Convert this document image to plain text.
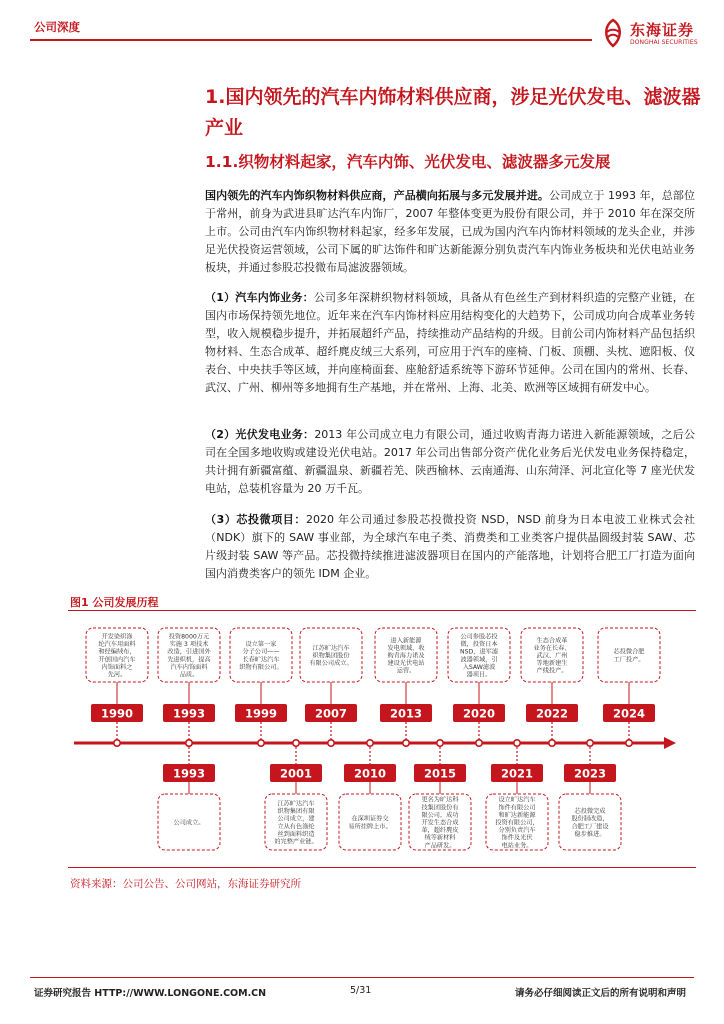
公司深度	东海证券
DONGHAI SECURITIES
1.国内领先的汽车内饰材料供应商，涉足光伏发电、滤波器产业
1.1.织物材料起家，汽车内饰、光伏发电、滤波器多元发展

国内领先的汽车内饰织物材料供应商，产品横向拓展与多元发展并进。公司成立于 1993 年，总部位于常州，前身为武进县旷达汽车内饰厂，2007 年整体变更为股份有限公司，并于 2010 年在深交所上市。公司由汽车内饰织物材料起家，经多年发展，已成为国内汽车内饰材料领域的龙头企业，并涉足光伏投资运营领域，公司下属的旷达饰件和旷达新能源分别负责汽车内饰业务板块和光伏电站业务板块，并通过参股芯投微布局滤波器领域。

（1）汽车内饰业务：公司多年深耕织物材料领域，具备从有色丝生产到材料织造的完整产业链，在国内市场保持领先地位。近年来在汽车内饰材料应用结构变化的大趋势下，公司成功向合成革业务转型，收入规模稳步提升，并拓展超纤产品，持续推动产品结构的升级。目前公司内饰材料产品包括织物材料、生态合成革、超纤麂皮绒三大系列，可应用于汽车的座椅、门板、顶棚、头枕、遮阳板、仪表台、中央扶手等区域，并向座椅面套、座舱舒适系统等下游环节延伸。公司在国内的常州、长春、武汉、广州、柳州等多地拥有生产基地，并在常州、上海、北美、欧洲等区域拥有研发中心。

（2）光伏发电业务：2013 年公司成立电力有限公司，通过收购青海力诺进入新能源领域，之后公司在全国多地收购或建设光伏电站。2017 年公司出售部分资产优化业务后光伏发电业务保持稳定，共计拥有新疆富蕴、新疆温泉、新疆若羌、陕西榆林、云南通海、山东菏泽、河北宣化等 7 座光伏发电站，总装机容量为 20 万千瓦。

（3）芯投微项目：2020 年公司通过参股芯投微投资 NSD，NSD 前身为日本电波工业株式会社（NDK）旗下的 SAW 事业部，为全球汽车电子类、消费类和工业类客户提供晶圆级封装 SAW、芯片级封装 SAW 等产品。芯投微持续推进滤波器项目在国内的产能落地，计划将合肥工厂打造为面向国内消费类客户的领先 IDM 企业。

图1 公司发展历程
1990
开发染织涤
纶汽车用面料
和经编绒布，
开创国内汽车
内饰面料之
先河。
1993
投资8000万元
实施 3 项技术
改造，引进国外
先进织机，提高
汽车内饰面料
品质。
1999
设立第一家
分子公司——
长春旷达汽车
织物有限公司。
2007
江苏旷达汽车
织物集团股份
有限公司成立。
2013
进入新能源
发电领域，收
购青海力诺及
建设光伏电站
运营。
2020
公司参股芯投
微，投资日本
NSD，进军滤
波器领域，引
入SAW滤波
器项目。
2022
生态合成革
业务在长春、
武汉、广州
等地新建生
产线投产。
2024
芯投微合肥
工厂投产。
1993
公司成立。
2001
江苏旷达汽车
织物集团有限
公司成立，建
立从有色涤纶
丝到面料织造
的完整产业链。
2010
在深圳证券交
易所挂牌上市。
2015
更名为旷达科
技集团股份有
限公司，成功
开发生态合成
革，超纤麂皮
绒等新材料
产品研发。
2021
设立旷达汽车
饰件有限公司
和旷达新能源
投资有限公司，
分别负责汽车
饰件及光伏
电站业务。
2023
芯投微完成
股份制改造，
合肥工厂建设
稳步推进。
资料来源：公司公告、公司网站，东海证券研究所
证券研究报告 HTTP://WWW.LONGONE.COM.CN	5/31	请务必仔细阅读正文后的所有说明和声明
